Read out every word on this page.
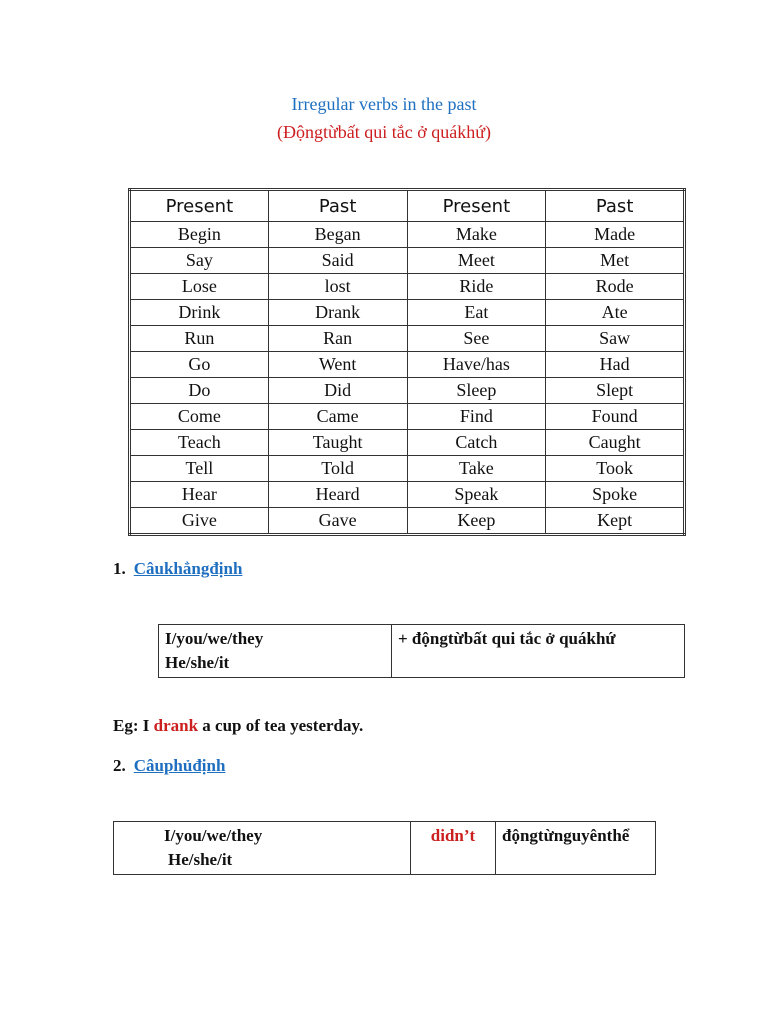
Irregular verbs in the past
(Độngtừbất qui tắc ở quákhứ)
Present	Past	Present	Past
Begin	Began	Make	Made
Say	Said	Meet	Met
Lose	lost	Ride	Rode
Drink	Drank	Eat	Ate
Run	Ran	See	Saw
Go	Went	Have/has	Had
Do	Did	Sleep	Slept
Come	Came	Find	Found
Teach	Taught	Catch	Caught
Tell	Told	Take	Took
Hear	Heard	Speak	Spoke
Give	Gave	Keep	Kept
1. Câukhẳngđịnh
I/you/we/they
He/she/it
	+ độngtừbất qui tắc ở quákhứ
Eg: I drank a cup of tea yesterday.
2. Câuphủđịnh
I/you/we/they
He/she/it
	didn’t	độngtừnguyênthể
